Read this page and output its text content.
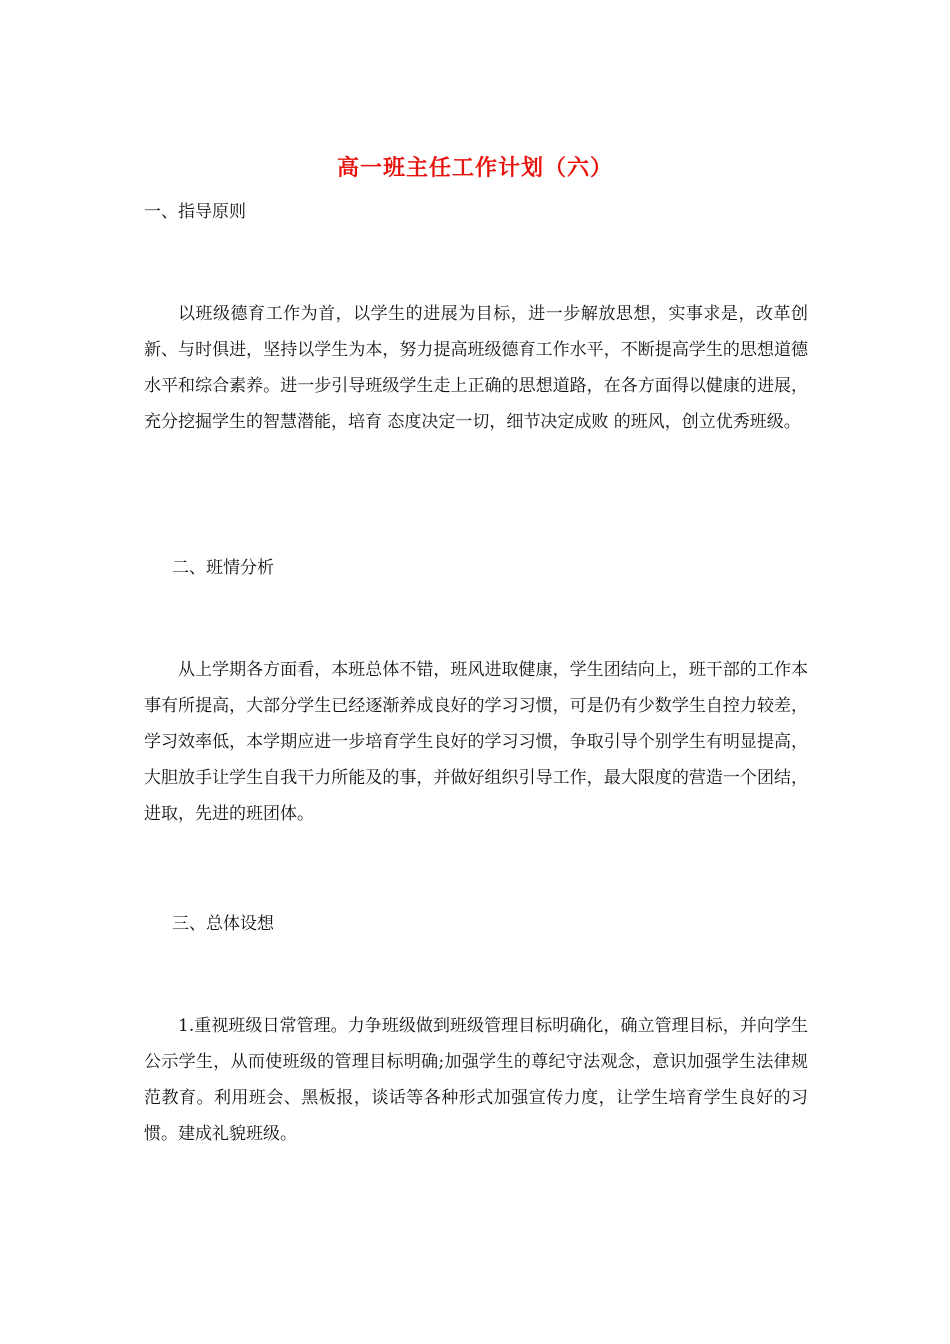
高一班主任工作计划（六）
一、指导原则
以班级德育工作为首，以学生的进展为目标，进一步解放思想，实事求是，改革创新、与时俱进，坚持以学生为本，努力提高班级德育工作水平，不断提高学生的思想道德水平和综合素养。进一步引导班级学生走上正确的思想道路，在各方面得以健康的进展，充分挖掘学生的智慧潜能，培育 态度决定一切，细节决定成败 的班风，创立优秀班级。
二、班情分析
从上学期各方面看，本班总体不错，班风进取健康，学生团结向上，班干部的工作本事有所提高，大部分学生已经逐渐养成良好的学习习惯，可是仍有少数学生自控力较差，学习效率低，本学期应进一步培育学生良好的学习习惯，争取引导个别学生有明显提高，大胆放手让学生自我干力所能及的事，并做好组织引导工作，最大限度的营造一个团结，进取，先进的班团体。
三、总体设想
1.重视班级日常管理。力争班级做到班级管理目标明确化，确立管理目标，并向学生公示学生，从而使班级的管理目标明确;加强学生的尊纪守法观念，意识加强学生法律规范教育。利用班会、黑板报，谈话等各种形式加强宣传力度，让学生培育学生良好的习惯。建成礼貌班级。
